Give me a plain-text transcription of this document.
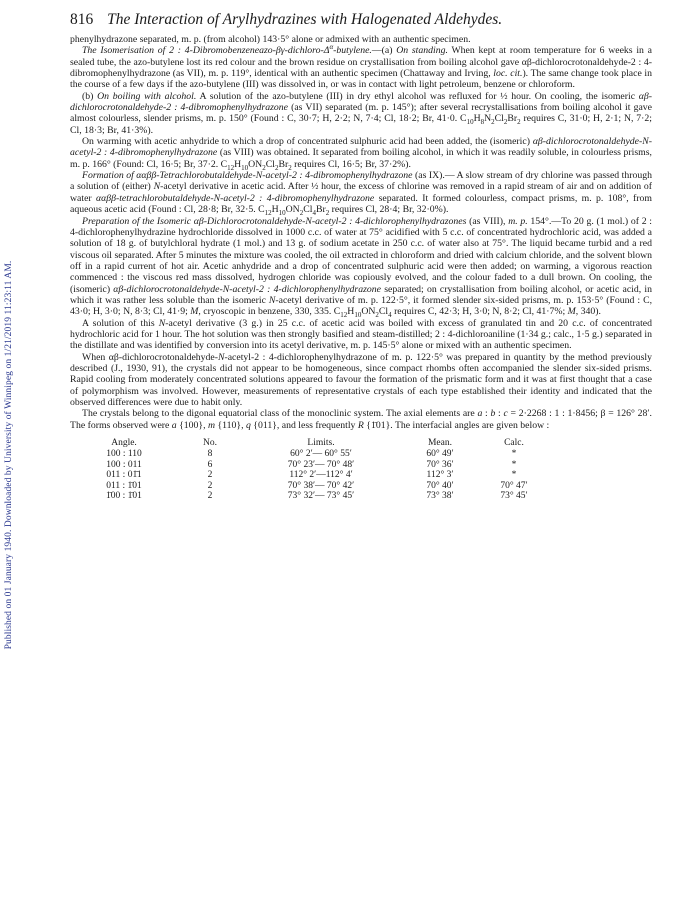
Published on 01 January 1940. Downloaded by University of Winnipeg on 1/21/2019 11:23:11 AM.
816 The Interaction of Arylhydrazines with Halogenated Aldehydes.

phenylhydrazone separated, m. p. (from alcohol) 143·5° alone or admixed with an authentic specimen.

The Isomerisation of 2 : $4-Dibromobenzeneazo-\beta\gamma-dichloro-\Delta^\alpha-butylene.—(a)$ On standing. When kept at room temperature for 6 weeks in a sealed tube, the azo-butylene lost its red colour and the brown residue on crystallisation from boiling alcohol gave αβ-dichlorocrotonaldehyde-2 : 4-dibromophenylhydrazone (as VII), m. p. 119°, identical with an authentic specimen (Chattaway and Irving, loc. cit.). The same change took place in the course of a few days if the azo-butylene (III) was dissolved in, or was in contact with light petroleum, benzene or chloroform.

(b) On boiling with alcohol. A solution of the azo-butylene (III) in dry ethyl alcohol was refluxed for ½ hour. On cooling, the isomeric αβ-dichlorocrotonaldehyde-2 : 4-dibromophenylhydrazone (as VII) separated (m. p. 145°); after several recrystallisations from boiling alcohol it gave almost colourless, slender prisms, m. p. 150° (Found : C, 30·7; H, 2·2; N, 7·4; Cl, 18·2; Br, 41·0. $C_{10}H_8N_2Cl_2Br_2$ requires C, 31·0; H, 2·1; N, 7·2; Cl, 18·3; Br, 41·3%).

On warming with acetic anhydride to which a drop of concentrated sulphuric acid had been added, the (isomeric) αβ-dichlorocrotonaldehyde-N-acetyl-2 : 4-dibromophenylhydrazone (as VIII) was obtained. It separated from boiling alcohol, in which it was readily soluble, in colourless prisms, m. p. 166° (Found: Cl, 16·5; Br, 37·2. $C_{12}H_{10}ON_2Cl_2Br_2$ requires Cl, 16·5; Br, 37·2%).

Formation of ααββ-Tetrachlorobutaldehyde-N-acetyl-2 : 4-dibromophenylhydrazone (as IX).— A slow stream of dry chlorine was passed through a solution of (either) N-acetyl derivative in acetic acid. After ½ hour, the excess of chlorine was removed in a rapid stream of air and on addition of water ααββ-tetrachlorobutaldehyde-N-acetyl-2 : 4-dibromophenylhydrazone separated. It formed colourless, compact prisms, m. p. 108°, from aqueous acetic acid (Found : Cl, 28·8; Br, 32·5. $C_{12}H_{10}ON_2Cl_4Br_2$ requires Cl, 28·4; Br, 32·0%).

Preparation of the Isomeric αβ-Dichlorocrotonaldehyde-N-acetyl-2 : 4-dichlorophenylhydrazones (as VIII), m. p. 154°.—To 20 g. (1 mol.) of 2 : 4-dichlorophenylhydrazine hydrochloride dissolved in 1000 c.c. of water at 75° acidified with 5 c.c. of concentrated hydrochloric acid, was added a solution of 18 g. of butylchloral hydrate (1 mol.) and 13 g. of sodium acetate in 250 c.c. of water also at 75°. The liquid became turbid and a red viscous oil separated. After 5 minutes the mixture was cooled, the oil extracted in chloroform and dried with calcium chloride, and the solvent blown off in a rapid current of hot air. Acetic anhydride and a drop of concentrated sulphuric acid were then added; on warming, a vigorous reaction commenced : the viscous red mass dissolved, hydrogen chloride was copiously evolved, and the colour faded to a dull brown. On cooling, the (isomeric) αβ-dichlorocrotonaldehyde-N-acetyl-2 : 4-dichlorophenylhydrazone separated; on crystallisation from boiling alcohol, or acetic acid, in which it was rather less soluble than the isomeric N-acetyl derivative of m. p. 122·5°, it formed slender six-sided prisms, m. p. 153·5° (Found : C, 43·0; H, 3·0; N, 8·3; Cl, 41·9; M, cryoscopic in benzene, 330, 335. $C_{12}H_{10}ON_2Cl_4$ requires C, 42·3; H, 3·0; N, 8·2; Cl, 41·7%; M, 340).

A solution of this N-acetyl derivative (3 g.) in 25 c.c. of acetic acid was boiled with excess of granulated tin and 20 c.c. of concentrated hydrochloric acid for 1 hour. The hot solution was then strongly basified and steam-distilled; 2 : 4-dichloroaniline (1·34 g.; calc., 1·5 g.) separated in the distillate and was identified by conversion into its acetyl derivative, m. p. 145·5° alone or mixed with an authentic specimen.

When αβ-dichlorocrotonaldehyde-N-acetyl-2 : 4-dichlorophenylhydrazone of m. p. 122·5° was prepared in quantity by the method previously described (J., 1930, 91), the crystals did not appear to be homogeneous, since compact rhombs often accompanied the slender six-sided prisms. Rapid cooling from moderately concentrated solutions appeared to favour the formation of the prismatic form and it was at first thought that a case of polymorphism was involved. However, measurements of representative crystals of each type established their identity and indicated that the observed differences were due to habit only.

The crystals belong to the digonal equatorial class of the monoclinic system. The axial elements are a : b : c = 2·2268 : 1 : 1·8456; β = 126° 28′. The forms observed were a {100}, m {110}, q {011}, and less frequently R {1̄01}. The interfacial angles are given below :

Angle.	No.	Limits.	Mean.	Calc.
100 : 110	8	60° 2′— 60° 55′	60° 49′	*
100 : 011	6	70° 23′— 70° 48′	70° 36′	*
011 : 01̄1	2	112° 2′—112° 4′	112° 3′	*
011 : 1̄01	2	70° 38′— 70° 42′	70° 40′	70° 47′
1̄00 : 1̄01	2	73° 32′— 73° 45′	73° 38′	73° 45′
